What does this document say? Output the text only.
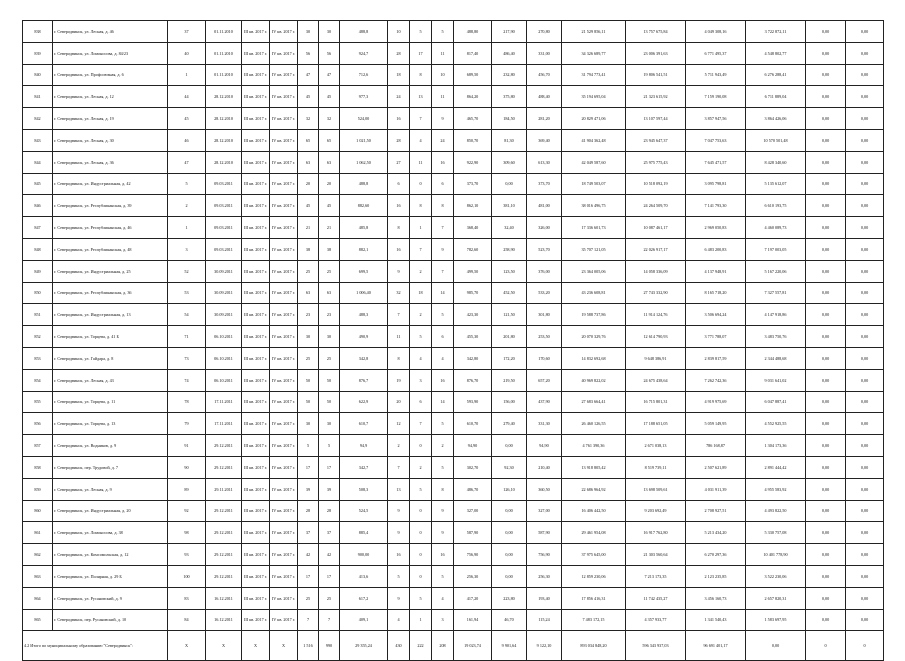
838	г. Северодвинск, ул. Лесная, д. 46	37	01.11.2010	III кв. 2017 г.	IV кв. 2017 г.	30	30	488,8	10	5	5	488,80	217,90	270,80	21 529 856,11	13 757 675,84	4 049 308,16	3 722 872,11	0,00	0,00
839	г. Северодвинск, ул. Ломоносова, д. 84/23	40	01.11.2010	III кв. 2017 г.	IV кв. 2017 г.	56	56	924,7	28	17	11	817,40	486,40	331,00	34 326 689,77	23 006 391,63	6 771 495,37	4 548 802,77	0,00	0,00
840	г. Северодвинск, ул. Профсоюзная, д. 6	1	01.11.2010	III кв. 2017 г.	IV кв. 2017 г.	47	47	712,6	18	8	10	689,50	232,80	456,70	31 794 773,41	19 806 541,51	5 711 943,49	6 276 288,41	0,00	0,00
841	г. Северодвинск, ул. Лесная, д. 12	44	28.12.2010	III кв. 2017 г.	IV кв. 2017 г.	45	45	977,3	24	13	11	864,20	375,80	488,40	35 194 695,04	21 323 615,92	7 159 190,08	6 711 889,04	0,00	0,00
842	г. Северодвинск, ул. Лесная, д. 19	45	28.12.2010	III кв. 2017 г.	IV кв. 2017 г.	32	32	524,00	16	7	9	465,70	184,50	281,20	20 829 471,06	13 107 597,44	3 857 947,56	3 864 426,06	0,00	0,00
843	г. Северодвинск, ул. Лесная, д. 30	46	28.12.2010	III кв. 2017 г.	IV кв. 2017 г.	65	65	1 021,50	28	4	24	850,70	81,30	369,40	41 904 362,48	23 945 647,37	7 047 753,63	10 570 501,48	0,00	0,00
844	г. Северодвинск, ул. Лесная, д. 36	47	28.12.2010	III кв. 2017 г.	IV кв. 2017 г.	63	63	1 062,50	27	11	16	922,90	309,60	613,30	42 049 587,60	25 975 775,43	7 645 471,57	8 428 340,60	0,00	0,00
845	г. Северодвинск, ул. Индустриальная, д. 42	5	09.03.2011	III кв. 2017 г.	IV кв. 2017 г.	20	20	488,8	6	0	6	373,70	0,00	373,70	18 749 503,07	10 518 092,19	3 095 798,81	5 135 612,07	0,00	0,00
846	г. Северодвинск, ул. Республиканская, д. 39	2	09.03.2011	III кв. 2017 г.	IV кв. 2017 г.	45	45	882,60	16	8	8	862,10	381,10	481,00	38 016 496,75	24 264 509,70	7 141 793,30	6 610 193,75	0,00	0,00
847	г. Северодвинск, ул. Республиканская, д. 46	1	09.03.2011	III кв. 2017 г.	IV кв. 2017 г.	21	21	485,8	8	1	7	368,40	32,40	326,00	17 336 601,73	10 087 461,17	2 969 050,83	4 460 089,73	0,00	0,00
848	г. Северодвинск, ул. Республиканская, д. 48	3	09.03.2011	III кв. 2017 г.	IV кв. 2017 г.	38	38	882,1	16	7	9	782,60	258,90	523,70	35 707 121,05	22 026 917,17	6 483 200,83	7 197 003,05	0,00	0,00
849	г. Северодвинск, ул. Индустриальная, д. 25	52	30.09.2011	III кв. 2017 г.	IV кв. 2017 г.	25	25	699,5	9	2	7	499,50	123,50	376,00	23 364 005,06	14 058 336,09	4 137 948,91	5 167 220,06	0,00	0,00
850	г. Северодвинск, ул. Республиканская, д. 36	53	30.09.2011	III кв. 2017 г.	IV кв. 2017 г.	63	63	1 006,40	32	18	14	985,70	452,50	533,20	43 236 608,81	27 743 332,90	8 165 718,20	7 327 557,81	0,00	0,00
851	г. Северодвинск, ул. Индустриальная, д. 13	54	30.09.2011	III кв. 2017 г.	IV кв. 2017 г.	23	23	488,3	7	2	5	423,30	121,50	301,80	19 588 737,86	11 914 124,76	3 506 694,24	4 147 918,86	0,00	0,00
852	г. Северодвинск, ул. Торцева, д. 41 Б	71	06.10.2011	III кв. 2017 г.	IV кв. 2017 г.	30	30	490,9	11	5	6	455,30	201,80	253,50	20 070 329,76	12 614 790,93	3 771 788,07	3 483 750,76	0,00	0,00
853	г. Северодвинск, ул. Гайдара, д. 8	73	06.10.2011	III кв. 2017 г.	IV кв. 2017 г.	25	25	342,8	8	4	4	342,80	172,20	170,60	14 832 692,68	9 648 386,91	2 839 817,59	2 344 488,68	0,00	0,00
854	г. Северодвинск, ул. Лесная, д. 43	74	06.10.2011	III кв. 2017 г.	IV кв. 2017 г.	50	50	876,7	19	3	16	876,70	219,50	657,20	40 969 822,02	24 675 438,64	7 262 742,36	9 031 641,02	0,00	0,00
855	г. Северодвинск, ул. Торцева, д. 11	78	17.11.2011	III кв. 2017 г.	IV кв. 2017 г.	50	50	622,9	20	6	14	593,90	156,00	437,90	27 683 664,41	16 715 801,31	4 919 975,69	6 047 887,41	0,00	0,00
856	г. Северодвинск, ул. Торцева, д. 13	79	17.11.2011	III кв. 2017 г.	IV кв. 2017 г.	30	30	610,7	12	7	5	610,70	279,40	331,30	26 460 126,55	17 188 651,05	5 059 149,95	4 552 925,55	0,00	0,00
857	г. Северодвинск, ул. Водников, д. 9	91	29.12.2011	III кв. 2017 г.	IV кв. 2017 г.	5	5	94,9	2	0	2	94,90	0,00	94,90	4 761 390,36	2 671 038,13	786 168,87	1 304 173,36	0,00	0,00
858	г. Северодвинск, пер. Трудовой, д. 7	90	29.12.2011	III кв. 2017 г.	IV кв. 2017 г.	17	17	342,7	7	2	5	302,70	92,30	210,40	13 918 805,42	8 519 739,11	2 507 621,89	2 891 444,42	0,00	0,00
859	г. Северодвинск, ул. Лесная, д. 9	89	29.11.2011	III кв. 2017 г.	IV кв. 2017 г.	39	39	508,3	13	5	8	486,70	126,10	360,50	22 686 964,92	13 698 509,61	4 031 911,39	4 955 583,92	0,00	0,00
860	г. Северодвинск, ул. Индустриальная, д. 20	92	29.12.2011	III кв. 2017 г.	IV кв. 2017 г.	28	28	524,5	9	0	9	327,00	0,00	327,00	16 406 442,50	9 203 692,49	2 708 927,51	4 493 822,50	0,00	0,00
861	г. Северодвинск, ул. Ломоносова, д. 38	98	29.12.2011	III кв. 2017 г.	IV кв. 2017 г.	37	37	885,4	9	0	9	587,90	0,00	587,90	29 461 954,08	16 917 762,80	5 213 434,20	5 330 757,08	0,00	0,00
862	г. Северодвинск, ул. Комсомольская, д. 12	93	29.12.2011	III кв. 2017 г.	IV кв. 2017 г.	42	42	900,00	16	0	16	756,90	0,00	756,90	37 975 645,00	21 303 560,64	6 270 297,36	10 401 778,90	0,00	0,00
863	г. Северодвинск, ул. Полярная, д. 29 Б	100	29.12.2011	III кв. 2017 г.	IV кв. 2017 г.	17	17	413,6	5	0	5	256,30	0,00	256,30	12 859 230,06	7 213 173,35	2 123 235,85	3 522 230,06	0,00	0,00
864	г. Северодвинск, ул. Русановский, д. 9	83	16.12.2011	III кв. 2017 г.	IV кв. 2017 г.	25	25	617,2	9	5	4	417,20	223,80	193,40	17 856 416,31	11 742 435,27	3 456 160,73	2 657 820,31	0,00	0,00
865	г. Северодвинск, пер. Русановский, д. 10	84	16.12.2011	III кв. 2017 г.	IV кв. 2017 г.	7	7	409,1	4	1	3	161,94	46,70	115,24	7 483 172,15	4 357 933,77	1 341 540,43	1 583 697,95	0,00	0,00
4.2 Итого по муниципальному образованию "Северодвинск":		X	X	X	X	1 516	990	29 355,24	430	222	208	19 023,74	9 901,64	9 122,10	893 034 848,20	596 343 937,03	96 691 401,17	0,00	0	0
